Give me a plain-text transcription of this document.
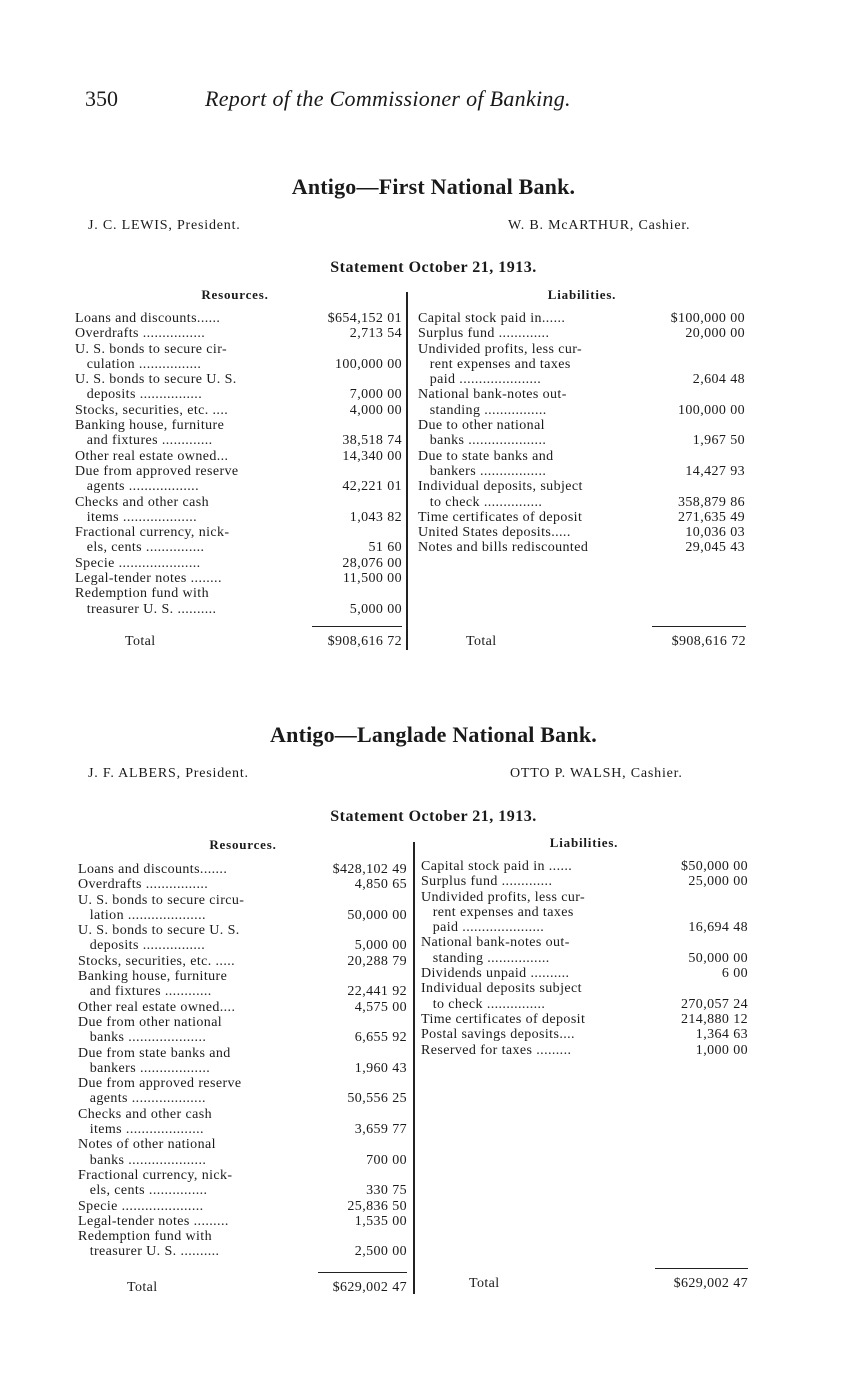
350	Report of the Commissioner of Banking.
Antigo—First National Bank.
J. C. LEWIS, President.	W. B. McARTHUR, Cashier.
Statement October 21, 1913.
Resources.	Liabilities.
Loans and discounts......	$654,152 01
Overdrafts ................	2,713 54
U. S. bonds to secure cir-
culation ................	100,000 00
U. S. bonds to secure U. S.
deposits ................	7,000 00
Stocks, securities, etc. ....	4,000 00
Banking house, furniture
and fixtures .............	38,518 74
Other real estate owned...	14,340 00
Due from approved reserve
agents ..................	42,221 01
Checks and other cash
items ...................	1,043 82
Fractional currency, nick-
els, cents ...............	51 60
Specie .....................	28,076 00
Legal-tender notes ........	11,500 00
Redemption fund with
treasurer U. S. ..........	5,000 00
Capital stock paid in......	$100,000 00
Surplus fund .............	20,000 00
Undivided profits, less cur-
rent expenses and taxes
paid .....................	2,604 48
National bank-notes out-
standing ................	100,000 00
Due to other national
banks ....................	1,967 50
Due to state banks and
bankers .................	14,427 93
Individual deposits, subject
to check ...............	358,879 86
Time certificates of deposit	271,635 49
United States deposits.....	10,036 03
Notes and bills rediscounted	29,045 43
Total	$908,616 72	Total	$908,616 72
Antigo—Langlade National Bank.
J. F. ALBERS, President.	OTTO P. WALSH, Cashier.
Statement October 21, 1913.
Resources.	Liabilities.
Loans and discounts.......	$428,102 49
Overdrafts ................	4,850 65
U. S. bonds to secure circu-
lation ....................	50,000 00
U. S. bonds to secure U. S.
deposits ................	5,000 00
Stocks, securities, etc. .....	20,288 79
Banking house, furniture
and fixtures ............	22,441 92
Other real estate owned....	4,575 00
Due from other national
banks ....................	6,655 92
Due from state banks and
bankers ..................	1,960 43
Due from approved reserve
agents ...................	50,556 25
Checks and other cash
items ....................	3,659 77
Notes of other national
banks ....................	700 00
Fractional currency, nick-
els, cents ...............	330 75
Specie .....................	25,836 50
Legal-tender notes .........	1,535 00
Redemption fund with
treasurer U. S. ..........	2,500 00
Capital stock paid in ......	$50,000 00
Surplus fund .............	25,000 00
Undivided profits, less cur-
rent expenses and taxes
paid .....................	16,694 48
National bank-notes out-
standing ................	50,000 00
Dividends unpaid ..........	6 00
Individual deposits subject
to check ...............	270,057 24
Time certificates of deposit	214,880 12
Postal savings deposits....	1,364 63
Reserved for taxes .........	1,000 00
Total	$629,002 47	Total	$629,002 47
